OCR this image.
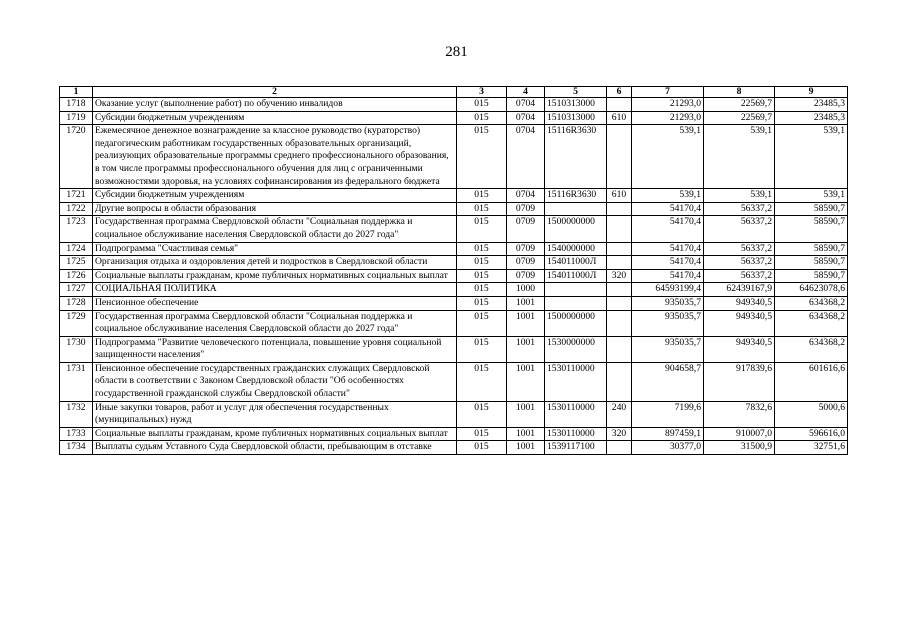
281
1	2	3	4	5	6	7	8	9
1718	Оказание услуг (выполнение работ) по обучению инвалидов	015	0704	1510313000		21293,0	22569,7	23485,3
1719	Субсидии бюджетным учреждениям	015	0704	1510313000	610	21293,0	22569,7	23485,3
1720	Ежемесячное денежное вознаграждение за классное руководство (кураторство) педагогическим работникам государственных образовательных организаций, реализующих образовательные программы среднего профессионального образования, в том числе программы профессионального обучения для лиц с ограниченными возможностями здоровья, на условиях софинансирования из федерального бюджета	015	0704	15116R3630		539,1	539,1	539,1
1721	Субсидии бюджетным учреждениям	015	0704	15116R3630	610	539,1	539,1	539,1
1722	Другие вопросы в области образования	015	0709			54170,4	56337,2	58590,7
1723	Государственная программа Свердловской области "Социальная поддержка и социальное обслуживание населения Свердловской области до 2027 года"	015	0709	1500000000		54170,4	56337,2	58590,7
1724	Подпрограмма "Счастливая семья"	015	0709	1540000000		54170,4	56337,2	58590,7
1725	Организация отдыха и оздоровления детей и подростков в Свердловской области	015	0709	154011000Л		54170,4	56337,2	58590,7
1726	Социальные выплаты гражданам, кроме публичных нормативных социальных выплат	015	0709	154011000Л	320	54170,4	56337,2	58590,7
1727	СОЦИАЛЬНАЯ ПОЛИТИКА	015	1000			64593199,4	62439167,9	64623078,6
1728	Пенсионное обеспечение	015	1001			935035,7	949340,5	634368,2
1729	Государственная программа Свердловской области "Социальная поддержка и социальное обслуживание населения Свердловской области до 2027 года"	015	1001	1500000000		935035,7	949340,5	634368,2
1730	Подпрограмма "Развитие человеческого потенциала, повышение уровня социальной защищенности населения"	015	1001	1530000000		935035,7	949340,5	634368,2
1731	Пенсионное обеспечение государственных гражданских служащих Свердловской области в соответствии с Законом Свердловской области "Об особенностях государственной гражданской службы Свердловской области"	015	1001	1530110000		904658,7	917839,6	601616,6
1732	Иные закупки товаров, работ и услуг для обеспечения государственных (муниципальных) нужд	015	1001	1530110000	240	7199,6	7832,6	5000,6
1733	Социальные выплаты гражданам, кроме публичных нормативных социальных выплат	015	1001	1530110000	320	897459,1	910007,0	596616,0
1734	Выплаты судьям Уставного Суда Свердловской области, пребывающим в отставке	015	1001	1539117100		30377,0	31500,9	32751,6
